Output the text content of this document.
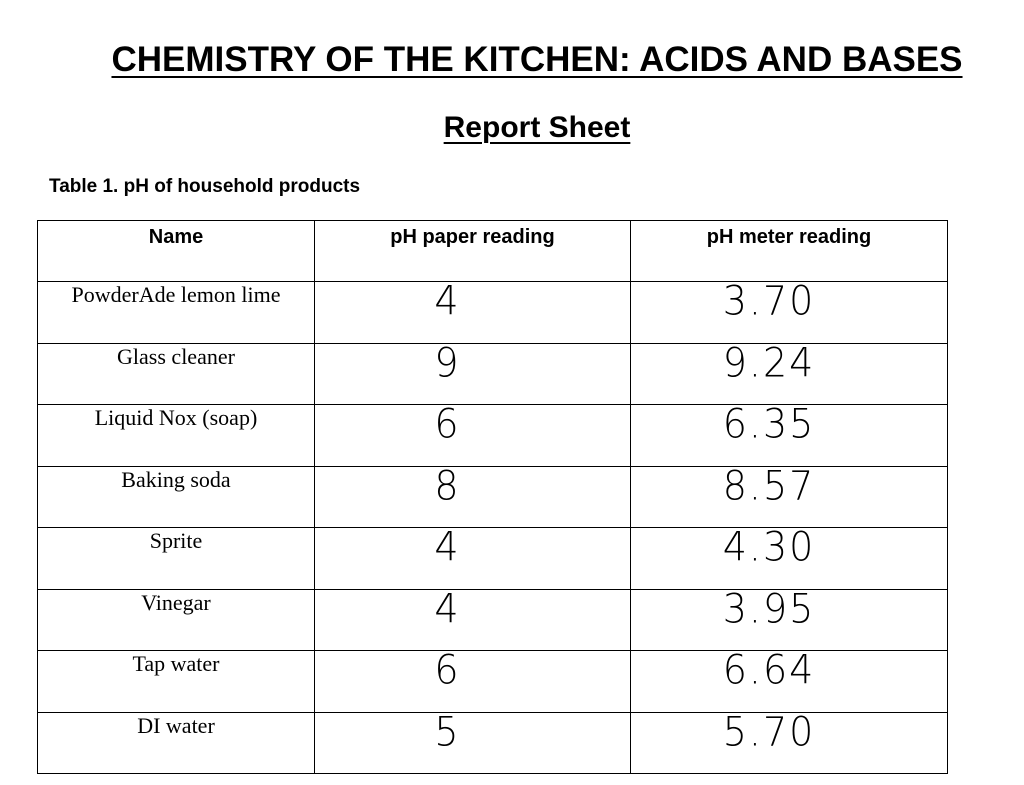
CHEMISTRY OF THE KITCHEN: ACIDS AND BASES
Report Sheet

Table 1. pH of household products

Name	pH paper reading	pH meter reading
PowderAde lemon lime	4	3.70
Glass cleaner	9	9.24
Liquid Nox (soap)	6	6.35
Baking soda	8	8.57
Sprite	4	4.30
Vinegar	4	3.95
Tap water	6	6.64
DI water	5	5.70
